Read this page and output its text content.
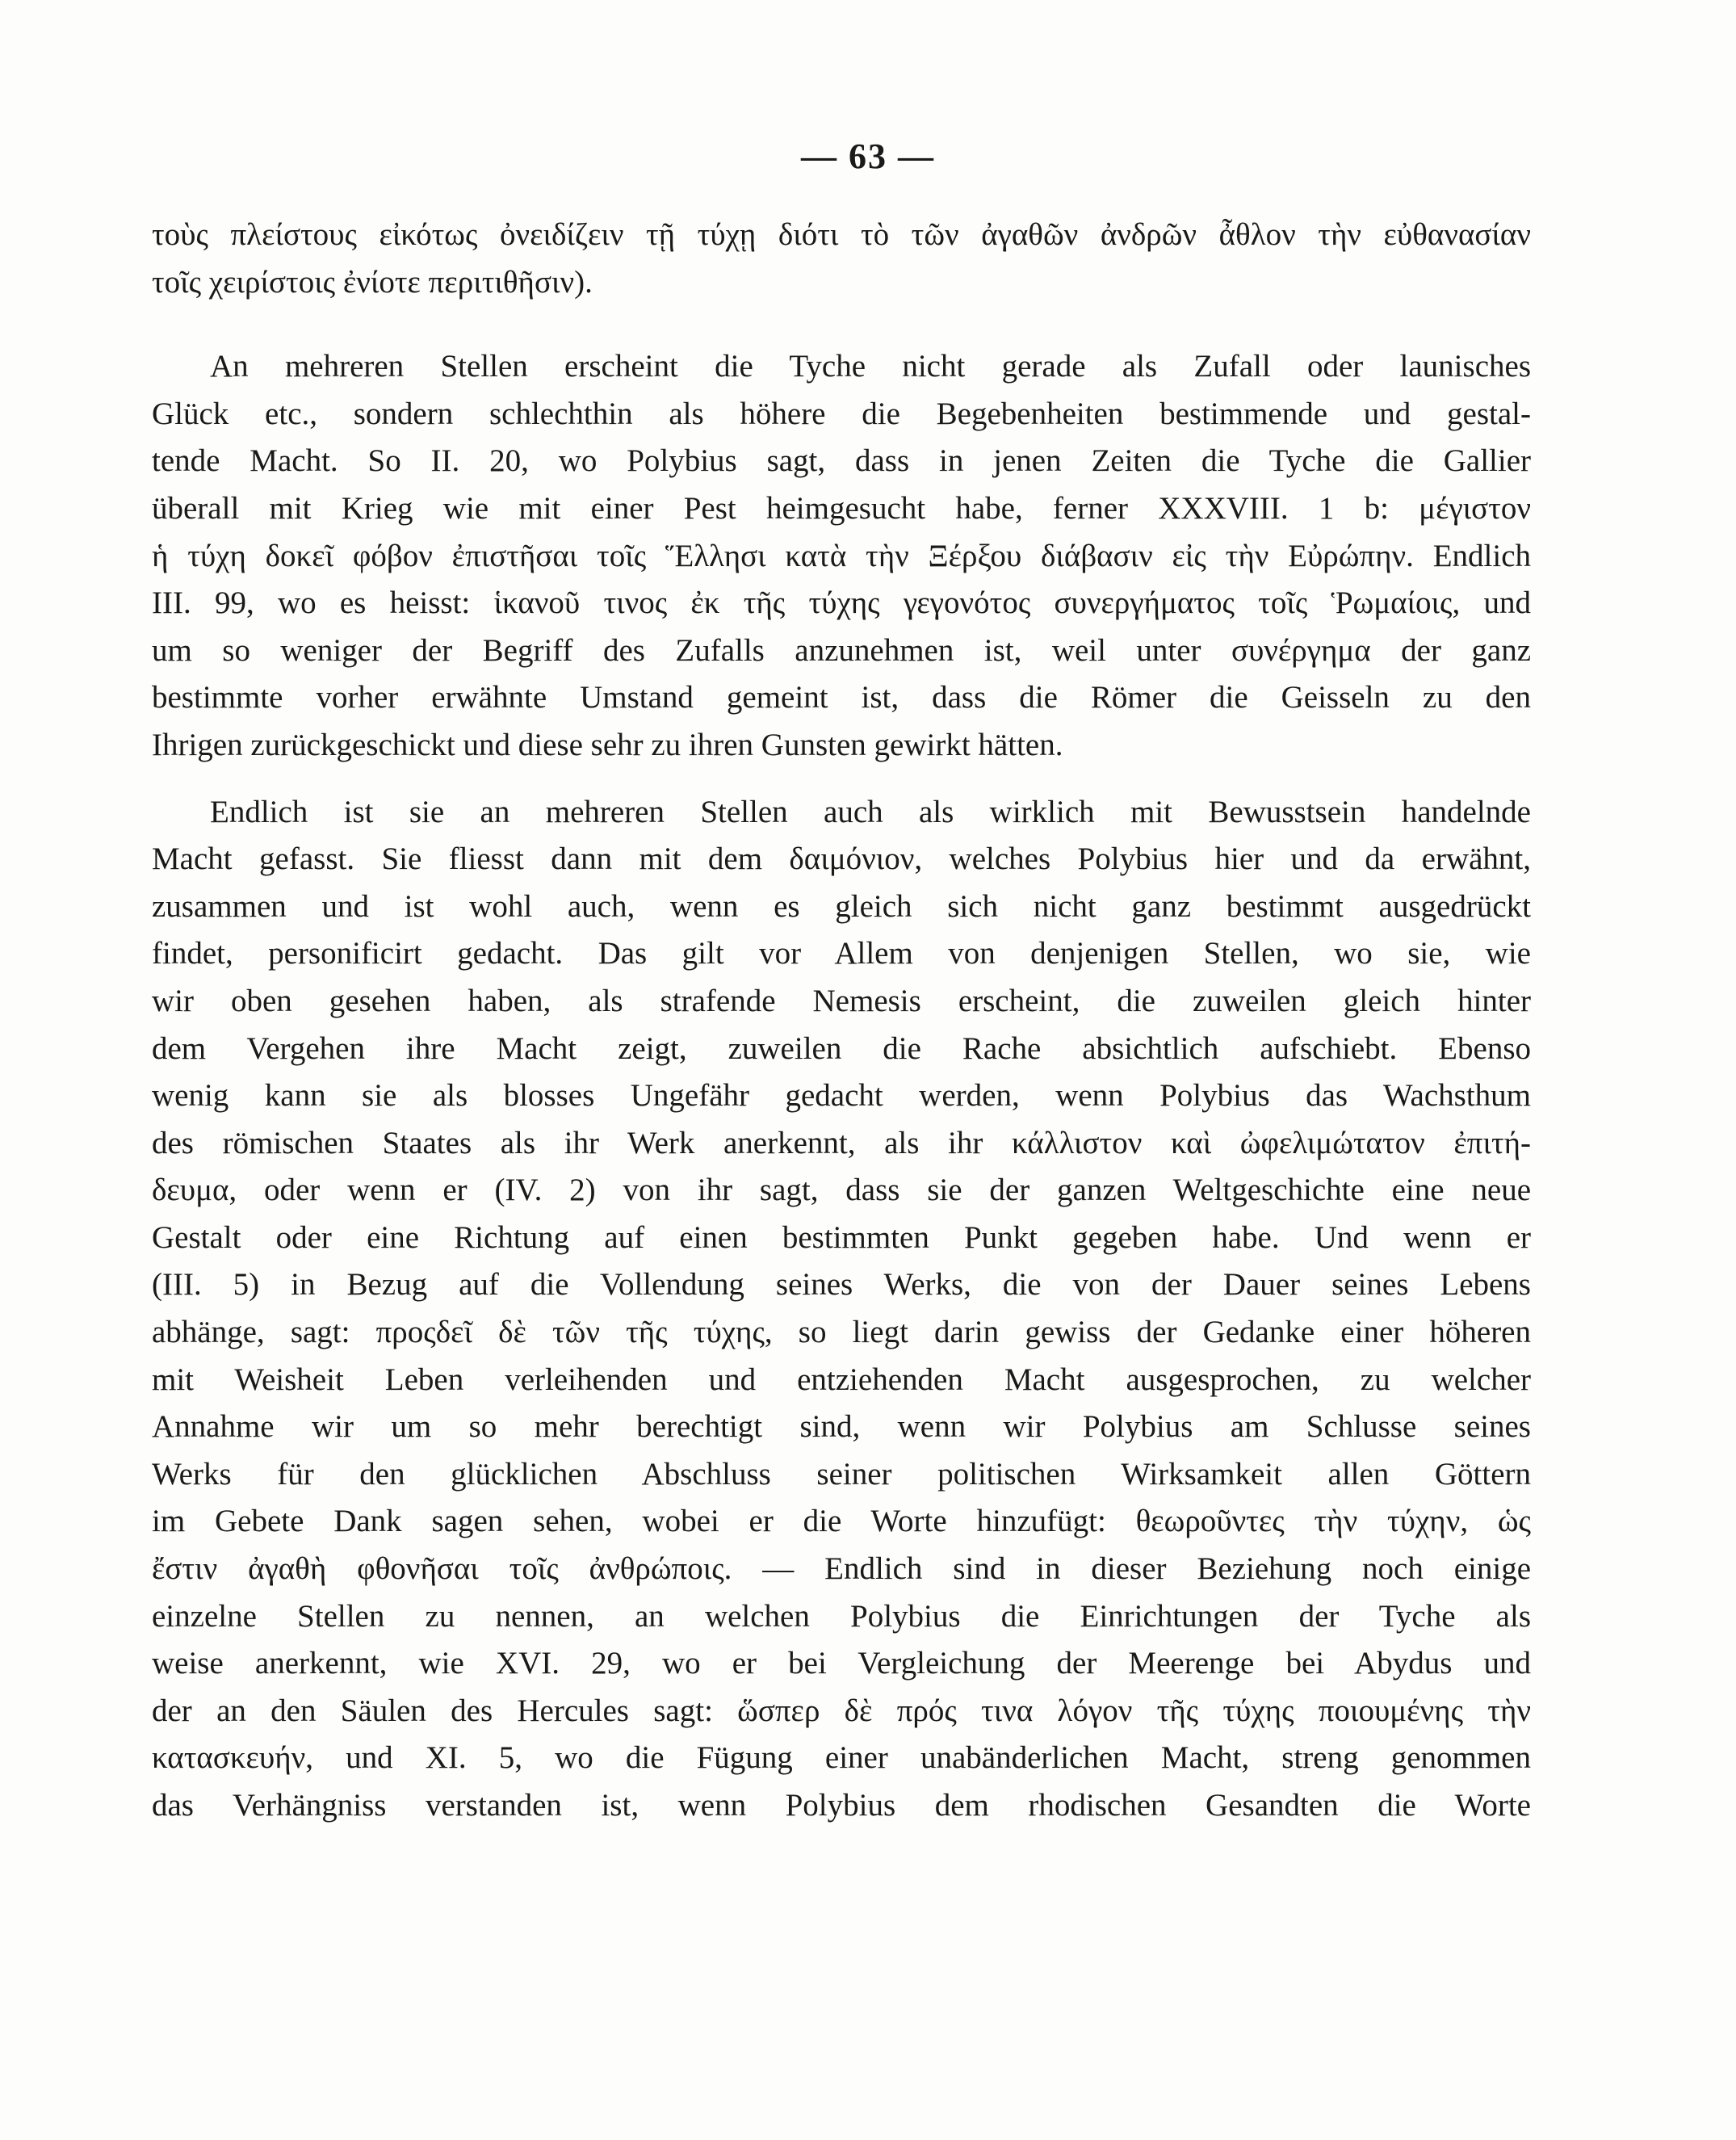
— 63 —
τοὺς πλείστους εἰκότως ὀνειδίζειν τῇ τύχῃ διότι τὸ τῶν ἀγαθῶν ἀνδρῶν ἆθλον τὴν εὐθανασίαν
τοῖς χειρίστοις ἐνίοτε περιτιθῆσιν).
An mehreren Stellen erscheint die Tyche nicht gerade als Zufall oder launisches
Glück etc., sondern schlechthin als höhere die Begebenheiten bestimmende und gestal-
tende Macht. So II. 20, wo Polybius sagt, dass in jenen Zeiten die Tyche die Gallier
überall mit Krieg wie mit einer Pest heimgesucht habe, ferner XXXVIII. 1 b: μέγιστον
ἡ τύχη δοκεῖ φόβον ἐπιστῆσαι τοῖς Ἕλλησι κατὰ τὴν Ξέρξου διάβασιν εἰς τὴν Εὐρώπην. Endlich
III. 99, wo es heisst: ἱκανοῦ τινος ἐκ τῆς τύχης γεγονότος συνεργήματος τοῖς Ῥωμαίοις, und
um so weniger der Begriff des Zufalls anzunehmen ist, weil unter συνέργημα der ganz
bestimmte vorher erwähnte Umstand gemeint ist, dass die Römer die Geisseln zu den
Ihrigen zurückgeschickt und diese sehr zu ihren Gunsten gewirkt hätten.
Endlich ist sie an mehreren Stellen auch als wirklich mit Bewusstsein handelnde
Macht gefasst. Sie fliesst dann mit dem δαιμόνιον, welches Polybius hier und da erwähnt,
zusammen und ist wohl auch, wenn es gleich sich nicht ganz bestimmt ausgedrückt
findet, personificirt gedacht. Das gilt vor Allem von denjenigen Stellen, wo sie, wie
wir oben gesehen haben, als strafende Nemesis erscheint, die zuweilen gleich hinter
dem Vergehen ihre Macht zeigt, zuweilen die Rache absichtlich aufschiebt. Ebenso
wenig kann sie als blosses Ungefähr gedacht werden, wenn Polybius das Wachsthum
des römischen Staates als ihr Werk anerkennt, als ihr κάλλιστον καὶ ὠφελιμώτατον ἐπιτή-
δευμα, oder wenn er (IV. 2) von ihr sagt, dass sie der ganzen Weltgeschichte eine neue
Gestalt oder eine Richtung auf einen bestimmten Punkt gegeben habe. Und wenn er
(III. 5) in Bezug auf die Vollendung seines Werks, die von der Dauer seines Lebens
abhänge, sagt: προςδεῖ δὲ τῶν τῆς τύχης, so liegt darin gewiss der Gedanke einer höheren
mit Weisheit Leben verleihenden und entziehenden Macht ausgesprochen, zu welcher
Annahme wir um so mehr berechtigt sind, wenn wir Polybius am Schlusse seines
Werks für den glücklichen Abschluss seiner politischen Wirksamkeit allen Göttern
im Gebete Dank sagen sehen, wobei er die Worte hinzufügt: θεωροῦντες τὴν τύχην, ὡς
ἔστιν ἀγαθὴ φθονῆσαι τοῖς ἀνθρώποις. — Endlich sind in dieser Beziehung noch einige
einzelne Stellen zu nennen, an welchen Polybius die Einrichtungen der Tyche als
weise anerkennt, wie XVI. 29, wo er bei Vergleichung der Meerenge bei Abydus und
der an den Säulen des Hercules sagt: ὥσπερ δὲ πρός τινα λόγον τῆς τύχης ποιουμένης τὴν
κατασκευήν, und XI. 5, wo die Fügung einer unabänderlichen Macht, streng genommen
das Verhängniss verstanden ist, wenn Polybius dem rhodischen Gesandten die Worte
